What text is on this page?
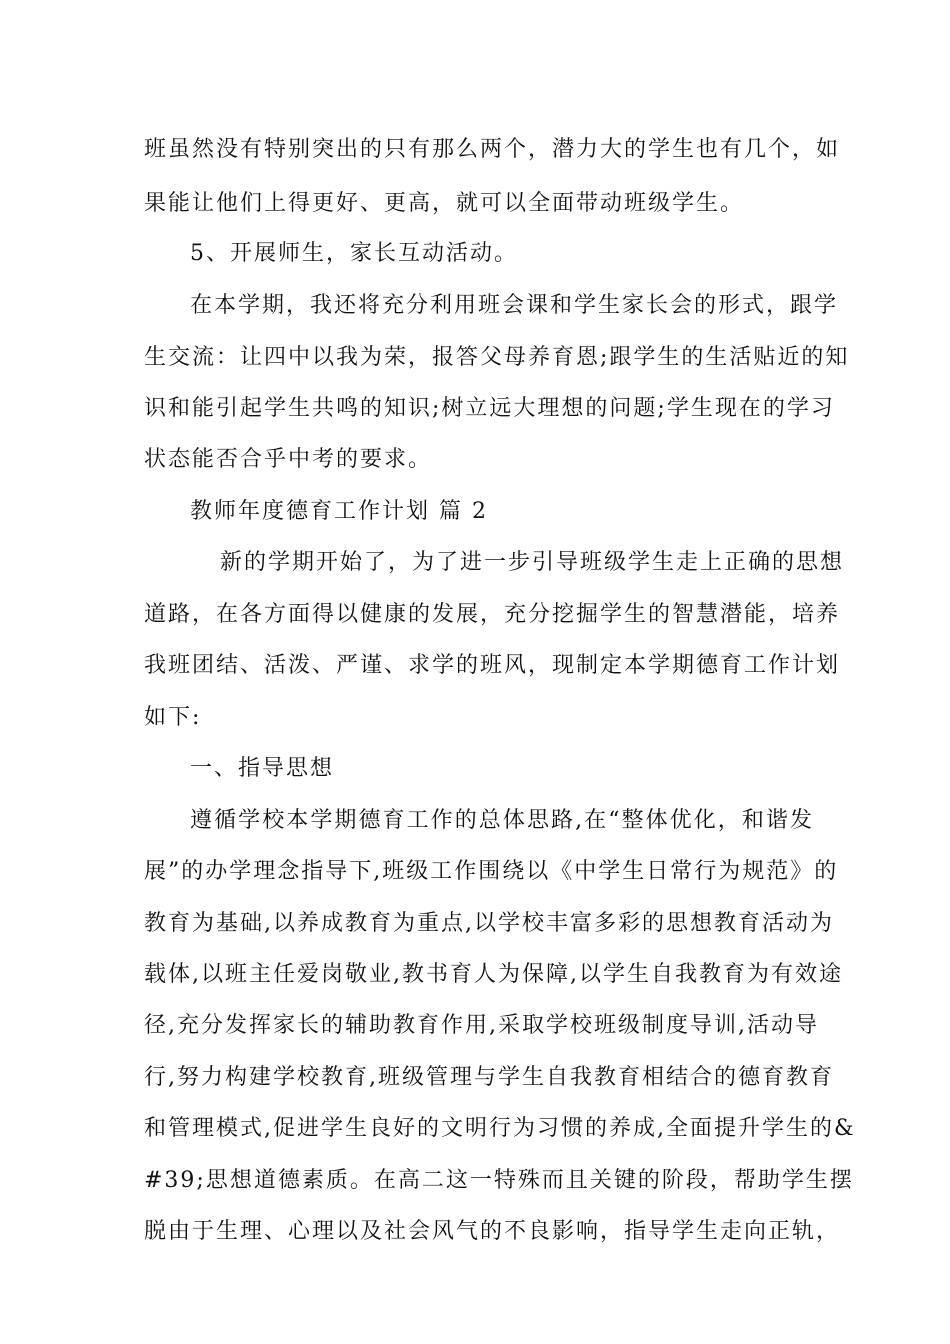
班虽然没有特别突出的只有那么两个，潜力大的学生也有几个，如
果能让他们上得更好、更高，就可以全面带动班级学生。
5、开展师生，家长互动活动。
在本学期，我还将充分利用班会课和学生家长会的形式，跟学
生交流：让四中以我为荣，报答父母养育恩;跟学生的生活贴近的知
识和能引起学生共鸣的知识;树立远大理想的问题;学生现在的学习
状态能否合乎中考的要求。
教师年度德育工作计划 篇 2
新的学期开始了，为了进一步引导班级学生走上正确的思想
道路，在各方面得以健康的发展，充分挖掘学生的智慧潜能，培养
我班团结、活泼、严谨、求学的班风，现制定本学期德育工作计划
如下:
一、指导思想
遵循学校本学期德育工作的总体思路,在“整体优化，和谐发
展”的办学理念指导下,班级工作围绕以《中学生日常行为规范》的
教育为基础,以养成教育为重点,以学校丰富多彩的思想教育活动为
载体,以班主任爱岗敬业,教书育人为保障,以学生自我教育为有效途
径,充分发挥家长的辅助教育作用,采取学校班级制度导训,活动导
行,努力构建学校教育,班级管理与学生自我教育相结合的德育教育
和管理模式,促进学生良好的文明行为习惯的养成,全面提升学生的&
#39;思想道德素质。在高二这一特殊而且关键的阶段，帮助学生摆
脱由于生理、心理以及社会风气的不良影响，指导学生走向正轨，
